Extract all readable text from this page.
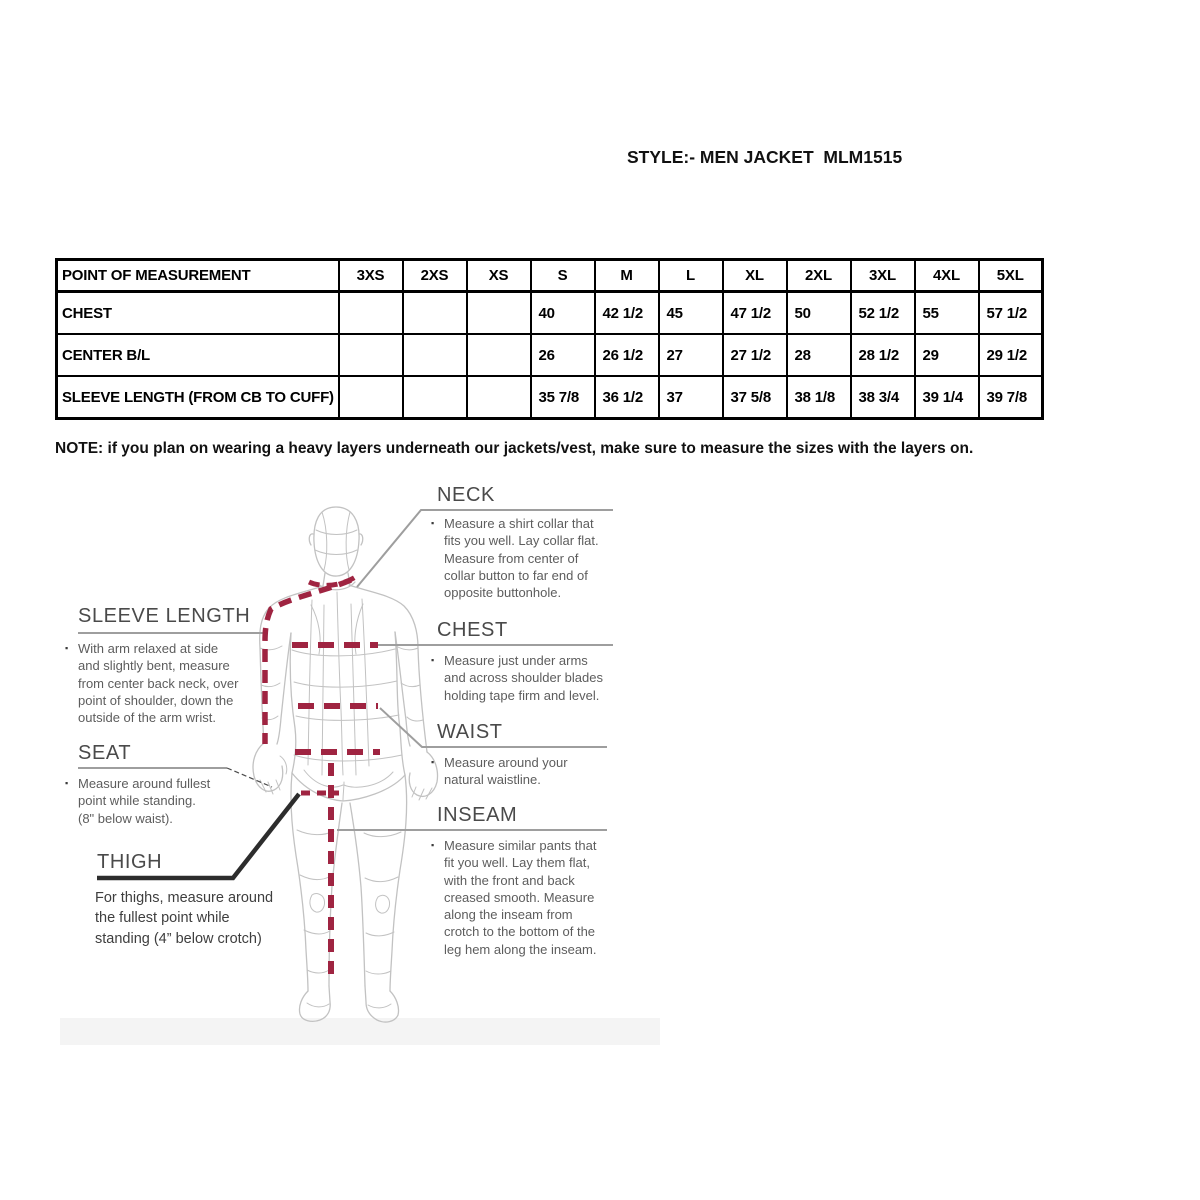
STYLE:- MEN JACKET  MLM1515
POINT OF MEASUREMENT	3XS	2XS	XS	S	M	L	XL	2XL	3XL	4XL	5XL
CHEST				40	42 1/2	45	47 1/2	50	52 1/2	55	57 1/2
CENTER B/L				26	26 1/2	27	27 1/2	28	28 1/2	29	29 1/2
SLEEVE LENGTH (FROM CB TO CUFF)				35 7/8	36 1/2	37	37 5/8	38 1/8	38 3/4	39 1/4	39 7/8
NOTE: if you plan on wearing a heavy layers underneath our jackets/vest, make sure to measure the sizes with the layers on.
NECK
CHEST
WAIST
INSEAM
SLEEVE LENGTH
SEAT
THIGH
▪ Measure a shirt collar that
fits you well. Lay collar flat.
Measure from center of
collar button to far end of
opposite buttonhole.
▪ Measure just under arms
and across shoulder blades
holding tape firm and level.
▪ Measure around your
natural waistline.
▪ Measure similar pants that
fit you well. Lay them flat,
with the front and back
creased smooth. Measure
along the inseam from
crotch to the bottom of the
leg hem along the inseam.
▪ With arm relaxed at side
and slightly bent, measure
from center back neck, over
point of shoulder, down the
outside of the arm wrist.
▪ Measure around fullest
point while standing.
(8" below waist).
For thighs, measure around
the fullest point while
standing (4” below crotch)
